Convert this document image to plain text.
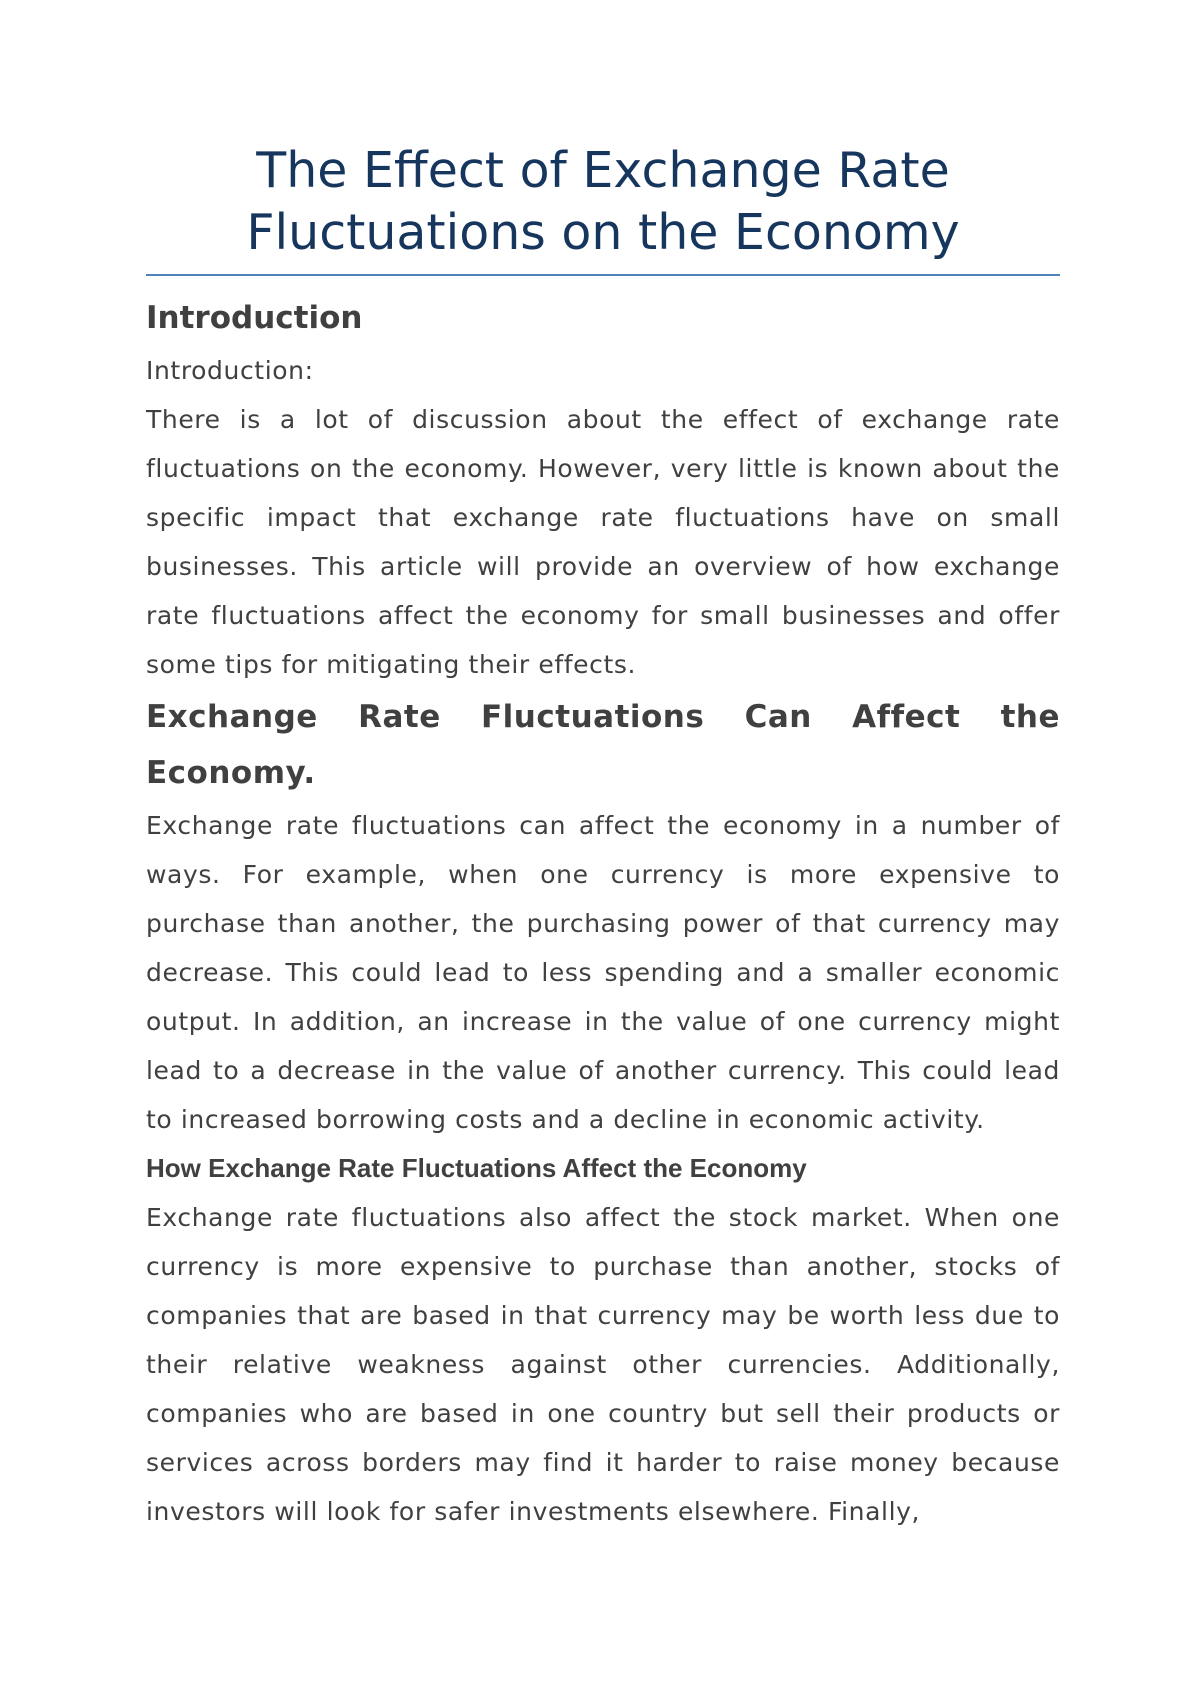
The Effect of Exchange Rate Fluctuations on the Economy
Introduction

Introduction:

There is a lot of discussion about the effect of exchange rate fluctuations on the economy. However, very little is known about the specific impact that exchange rate fluctuations have on small businesses. This article will provide an overview of how exchange rate fluctuations affect the economy for small businesses and offer some tips for mitigating their effects.

Exchange Rate Fluctuations Can Affect the Economy.

Exchange rate fluctuations can affect the economy in a number of ways. For example, when one currency is more expensive to purchase than another, the purchasing power of that currency may decrease. This could lead to less spending and a smaller economic output. In addition, an increase in the value of one currency might lead to a decrease in the value of another currency. This could lead to increased borrowing costs and a decline in economic activity.

How Exchange Rate Fluctuations Affect the Economy

Exchange rate fluctuations also affect the stock market. When one currency is more expensive to purchase than another, stocks of companies that are based in that currency may be worth less due to their relative weakness against other currencies. Additionally, companies who are based in one country but sell their products or services across borders may find it harder to raise money because investors will look for safer investments elsewhere. Finally,
